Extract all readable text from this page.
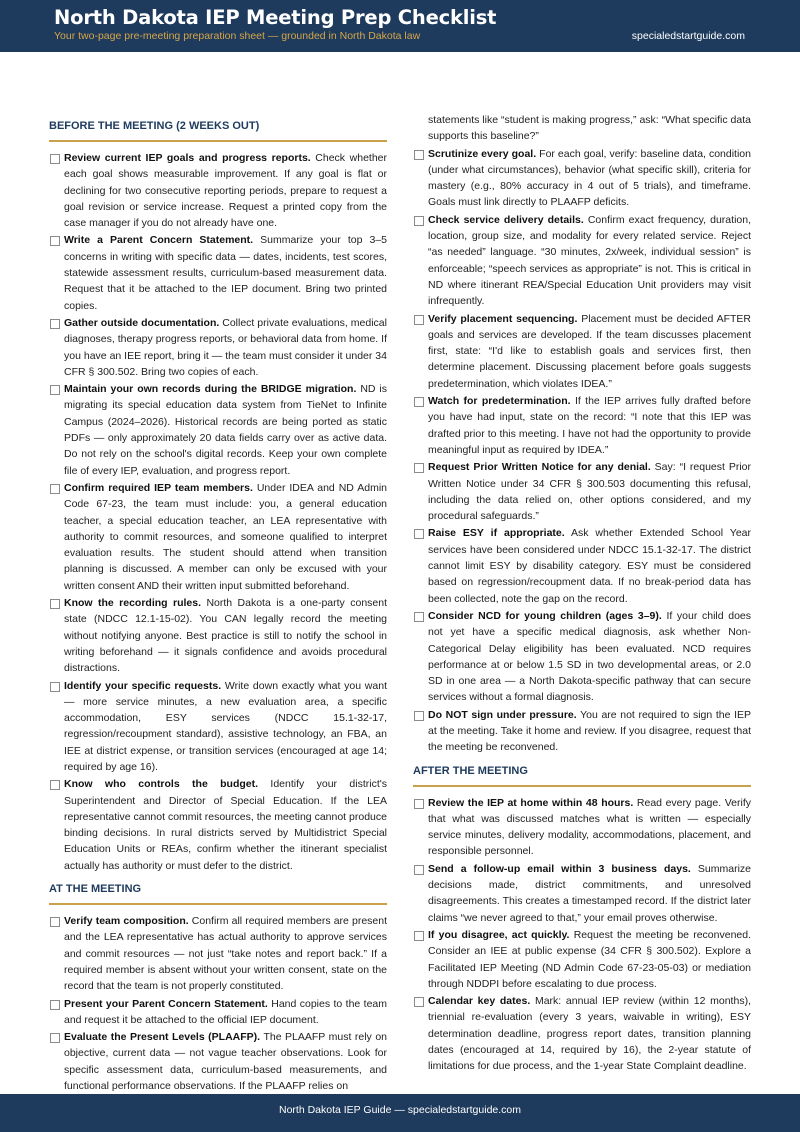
North Dakota IEP Meeting Prep Checklist
Your two-page pre-meeting preparation sheet — grounded in North Dakota law	specialedstartguide.com
BEFORE THE MEETING (2 WEEKS OUT)
Review current IEP goals and progress reports. Check whether each goal shows measurable improvement. If any goal is flat or declining for two consecutive reporting periods, prepare to request a goal revision or service increase. Request a printed copy from the case manager if you do not already have one.
Write a Parent Concern Statement. Summarize your top 3–5 concerns in writing with specific data — dates, incidents, test scores, statewide assessment results, curriculum-based measurement data. Request that it be attached to the IEP document. Bring two printed copies.
Gather outside documentation. Collect private evaluations, medical diagnoses, therapy progress reports, or behavioral data from home. If you have an IEE report, bring it — the team must consider it under 34 CFR § 300.502. Bring two copies of each.
Maintain your own records during the BRIDGE migration. ND is migrating its special education data system from TieNet to Infinite Campus (2024–2026). Historical records are being ported as static PDFs — only approximately 20 data fields carry over as active data. Do not rely on the school's digital records. Keep your own complete file of every IEP, evaluation, and progress report.
Confirm required IEP team members. Under IDEA and ND Admin Code 67-23, the team must include: you, a general education teacher, a special education teacher, an LEA representative with authority to commit resources, and someone qualified to interpret evaluation results. The student should attend when transition planning is discussed. A member can only be excused with your written consent AND their written input submitted beforehand.
Know the recording rules. North Dakota is a one-party consent state (NDCC 12.1-15-02). You CAN legally record the meeting without notifying anyone. Best practice is still to notify the school in writing beforehand — it signals confidence and avoids procedural distractions.
Identify your specific requests. Write down exactly what you want — more service minutes, a new evaluation area, a specific accommodation, ESY services (NDCC 15.1-32-17, regression/recoupment standard), assistive technology, an FBA, an IEE at district expense, or transition services (encouraged at age 14; required by age 16).
Know who controls the budget. Identify your district's Superintendent and Director of Special Education. If the LEA representative cannot commit resources, the meeting cannot produce binding decisions. In rural districts served by Multidistrict Special Education Units or REAs, confirm whether the itinerant specialist actually has authority or must defer to the district.
AT THE MEETING
Verify team composition. Confirm all required members are present and the LEA representative has actual authority to approve services and commit resources — not just “take notes and report back.” If a required member is absent without your written consent, state on the record that the team is not properly constituted.
Present your Parent Concern Statement. Hand copies to the team and request it be attached to the official IEP document.
Evaluate the Present Levels (PLAAFP). The PLAAFP must rely on objective, current data — not vague teacher observations. Look for specific assessment data, curriculum-based measurements, and functional performance observations. If the PLAAFP relies on
statements like “student is making progress,” ask: “What specific data supports this baseline?”
Scrutinize every goal. For each goal, verify: baseline data, condition (under what circumstances), behavior (what specific skill), criteria for mastery (e.g., 80% accuracy in 4 out of 5 trials), and timeframe. Goals must link directly to PLAAFP deficits.
Check service delivery details. Confirm exact frequency, duration, location, group size, and modality for every related service. Reject “as needed” language. “30 minutes, 2x/week, individual session” is enforceable; “speech services as appropriate” is not. This is critical in ND where itinerant REA/Special Education Unit providers may visit infrequently.
Verify placement sequencing. Placement must be decided AFTER goals and services are developed. If the team discusses placement first, state: “I'd like to establish goals and services first, then determine placement. Discussing placement before goals suggests predetermination, which violates IDEA.”
Watch for predetermination. If the IEP arrives fully drafted before you have had input, state on the record: “I note that this IEP was drafted prior to this meeting. I have not had the opportunity to provide meaningful input as required by IDEA.”
Request Prior Written Notice for any denial. Say: “I request Prior Written Notice under 34 CFR § 300.503 documenting this refusal, including the data relied on, other options considered, and my procedural safeguards.”
Raise ESY if appropriate. Ask whether Extended School Year services have been considered under NDCC 15.1-32-17. The district cannot limit ESY by disability category. ESY must be considered based on regression/recoupment data. If no break-period data has been collected, note the gap on the record.
Consider NCD for young children (ages 3–9). If your child does not yet have a specific medical diagnosis, ask whether Non-Categorical Delay eligibility has been evaluated. NCD requires performance at or below 1.5 SD in two developmental areas, or 2.0 SD in one area — a North Dakota-specific pathway that can secure services without a formal diagnosis.
Do NOT sign under pressure. You are not required to sign the IEP at the meeting. Take it home and review. If you disagree, request that the meeting be reconvened.
AFTER THE MEETING
Review the IEP at home within 48 hours. Read every page. Verify that what was discussed matches what is written — especially service minutes, delivery modality, accommodations, placement, and responsible personnel.
Send a follow-up email within 3 business days. Summarize decisions made, district commitments, and unresolved disagreements. This creates a timestamped record. If the district later claims “we never agreed to that,” your email proves otherwise.
If you disagree, act quickly. Request the meeting be reconvened. Consider an IEE at public expense (34 CFR § 300.502). Explore a Facilitated IEP Meeting (ND Admin Code 67-23-05-03) or mediation through NDDPI before escalating to due process.
Calendar key dates. Mark: annual IEP review (within 12 months), triennial re-evaluation (every 3 years, waivable in writing), ESY determination deadline, progress report dates, transition planning dates (encouraged at 14, required by 16), the 2-year statute of limitations for due process, and the 1-year State Complaint deadline.
North Dakota IEP Guide — specialedstartguide.com
